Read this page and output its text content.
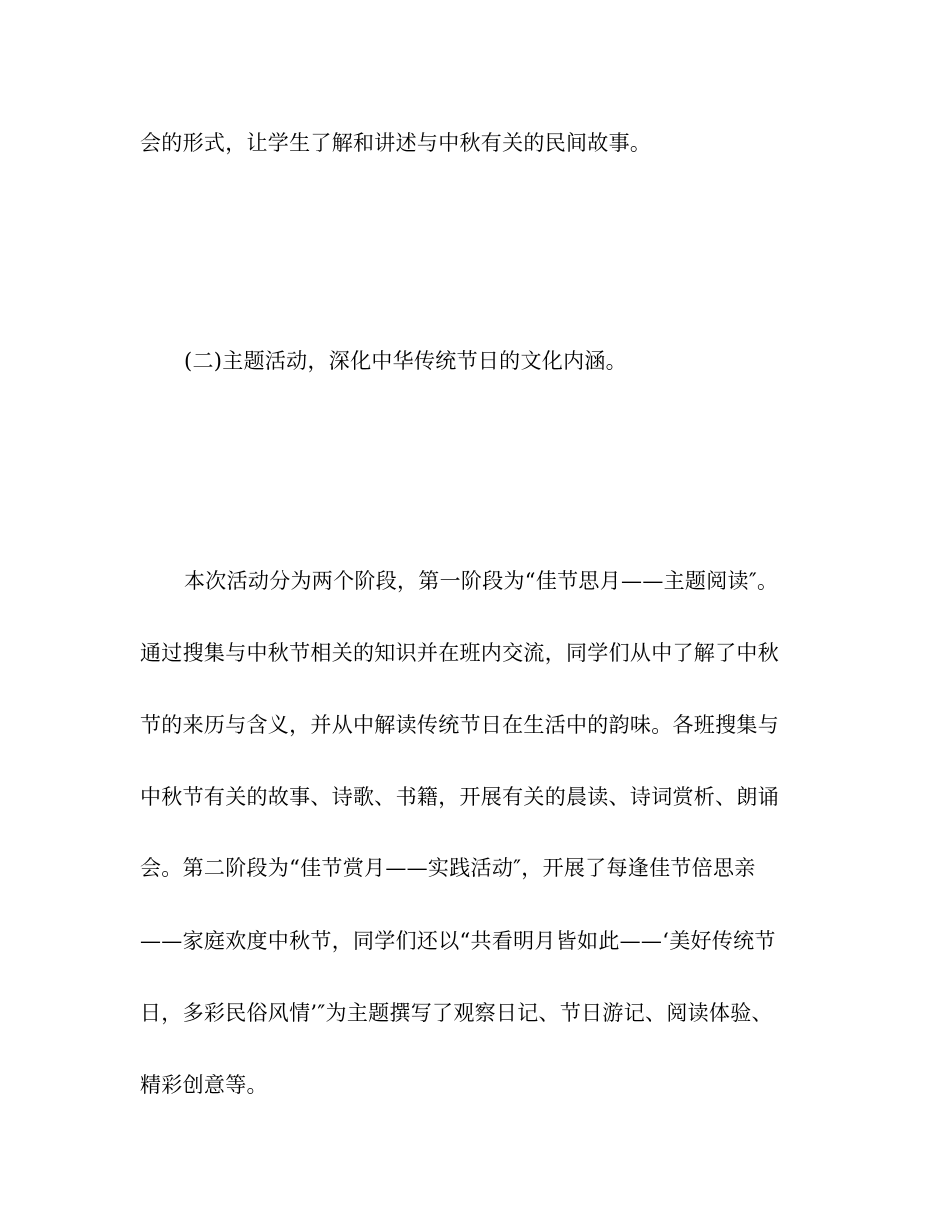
会的形式，让学生了解和讲述与中秋有关的民间故事。
(二)主题活动，深化中华传统节日的文化内涵。
本次活动分为两个阶段，第一阶段为“佳节思月——主题阅读″。
通过搜集与中秋节相关的知识并在班内交流，同学们从中了解了中秋
节的来历与含义，并从中解读传统节日在生活中的韵味。各班搜集与
中秋节有关的故事、诗歌、书籍，开展有关的晨读、诗词赏析、朗诵
会。第二阶段为“佳节赏月——实践活动″，开展了每逢佳节倍思亲
——家庭欢度中秋节，同学们还以“共看明月皆如此——‘美好传统节
日，多彩民俗风情’″为主题撰写了观察日记、节日游记、阅读体验、
精彩创意等。
